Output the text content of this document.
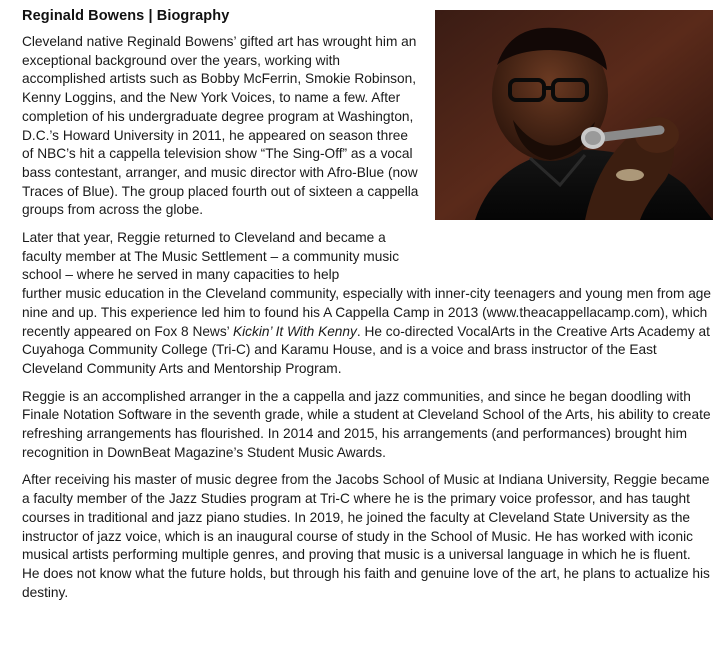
Reginald Bowens | Biography

Cleveland native Reginald Bowens’ gifted art has wrought him an exceptional background over the years, working with accomplished artists such as Bobby McFerrin, Smokie Robinson, Kenny Loggins, and the New York Voices, to name a few. After completion of his undergraduate degree program at Washington, D.C.’s Howard University in 2011, he appeared on season three of NBC’s hit a cappella television show “The Sing-Off” as a vocal bass contestant, arranger, and music director with Afro-Blue (now Traces of Blue). The group placed fourth out of sixteen a cappella groups from across the globe.

Later that year, Reggie returned to Cleveland and became a faculty member at The Music Settlement – a community music school – where he served in many capacities to help
further music education in the Cleveland community, especially with inner-city teenagers and young men from age nine and up. This experience led him to found his A Cappella Camp in 2013 (www.theacappellacamp.com), which recently appeared on Fox 8 News’ Kickin’ It With Kenny. He co-directed VocalArts in the Creative Arts Academy at Cuyahoga Community College (Tri-C) and Karamu House, and is a voice and brass instructor of the East Cleveland Community Arts and Mentorship Program.

Reggie is an accomplished arranger in the a cappella and jazz communities, and since he began doodling with Finale Notation Software in the seventh grade, while a student at Cleveland School of the Arts, his ability to create refreshing arrangements has flourished. In 2014 and 2015, his arrangements (and performances) brought him recognition in DownBeat Magazine’s Student Music Awards.

After receiving his master of music degree from the Jacobs School of Music at Indiana University, Reggie became a faculty member of the Jazz Studies program at Tri-C where he is the primary voice professor, and has taught courses in traditional and jazz piano studies. In 2019, he joined the faculty at Cleveland State University as the instructor of jazz voice, which is an inaugural course of study in the School of Music. He has worked with iconic musical artists performing multiple genres, and proving that music is a universal language in which he is fluent. He does not know what the future holds, but through his faith and genuine love of the art, he plans to actualize his destiny.
